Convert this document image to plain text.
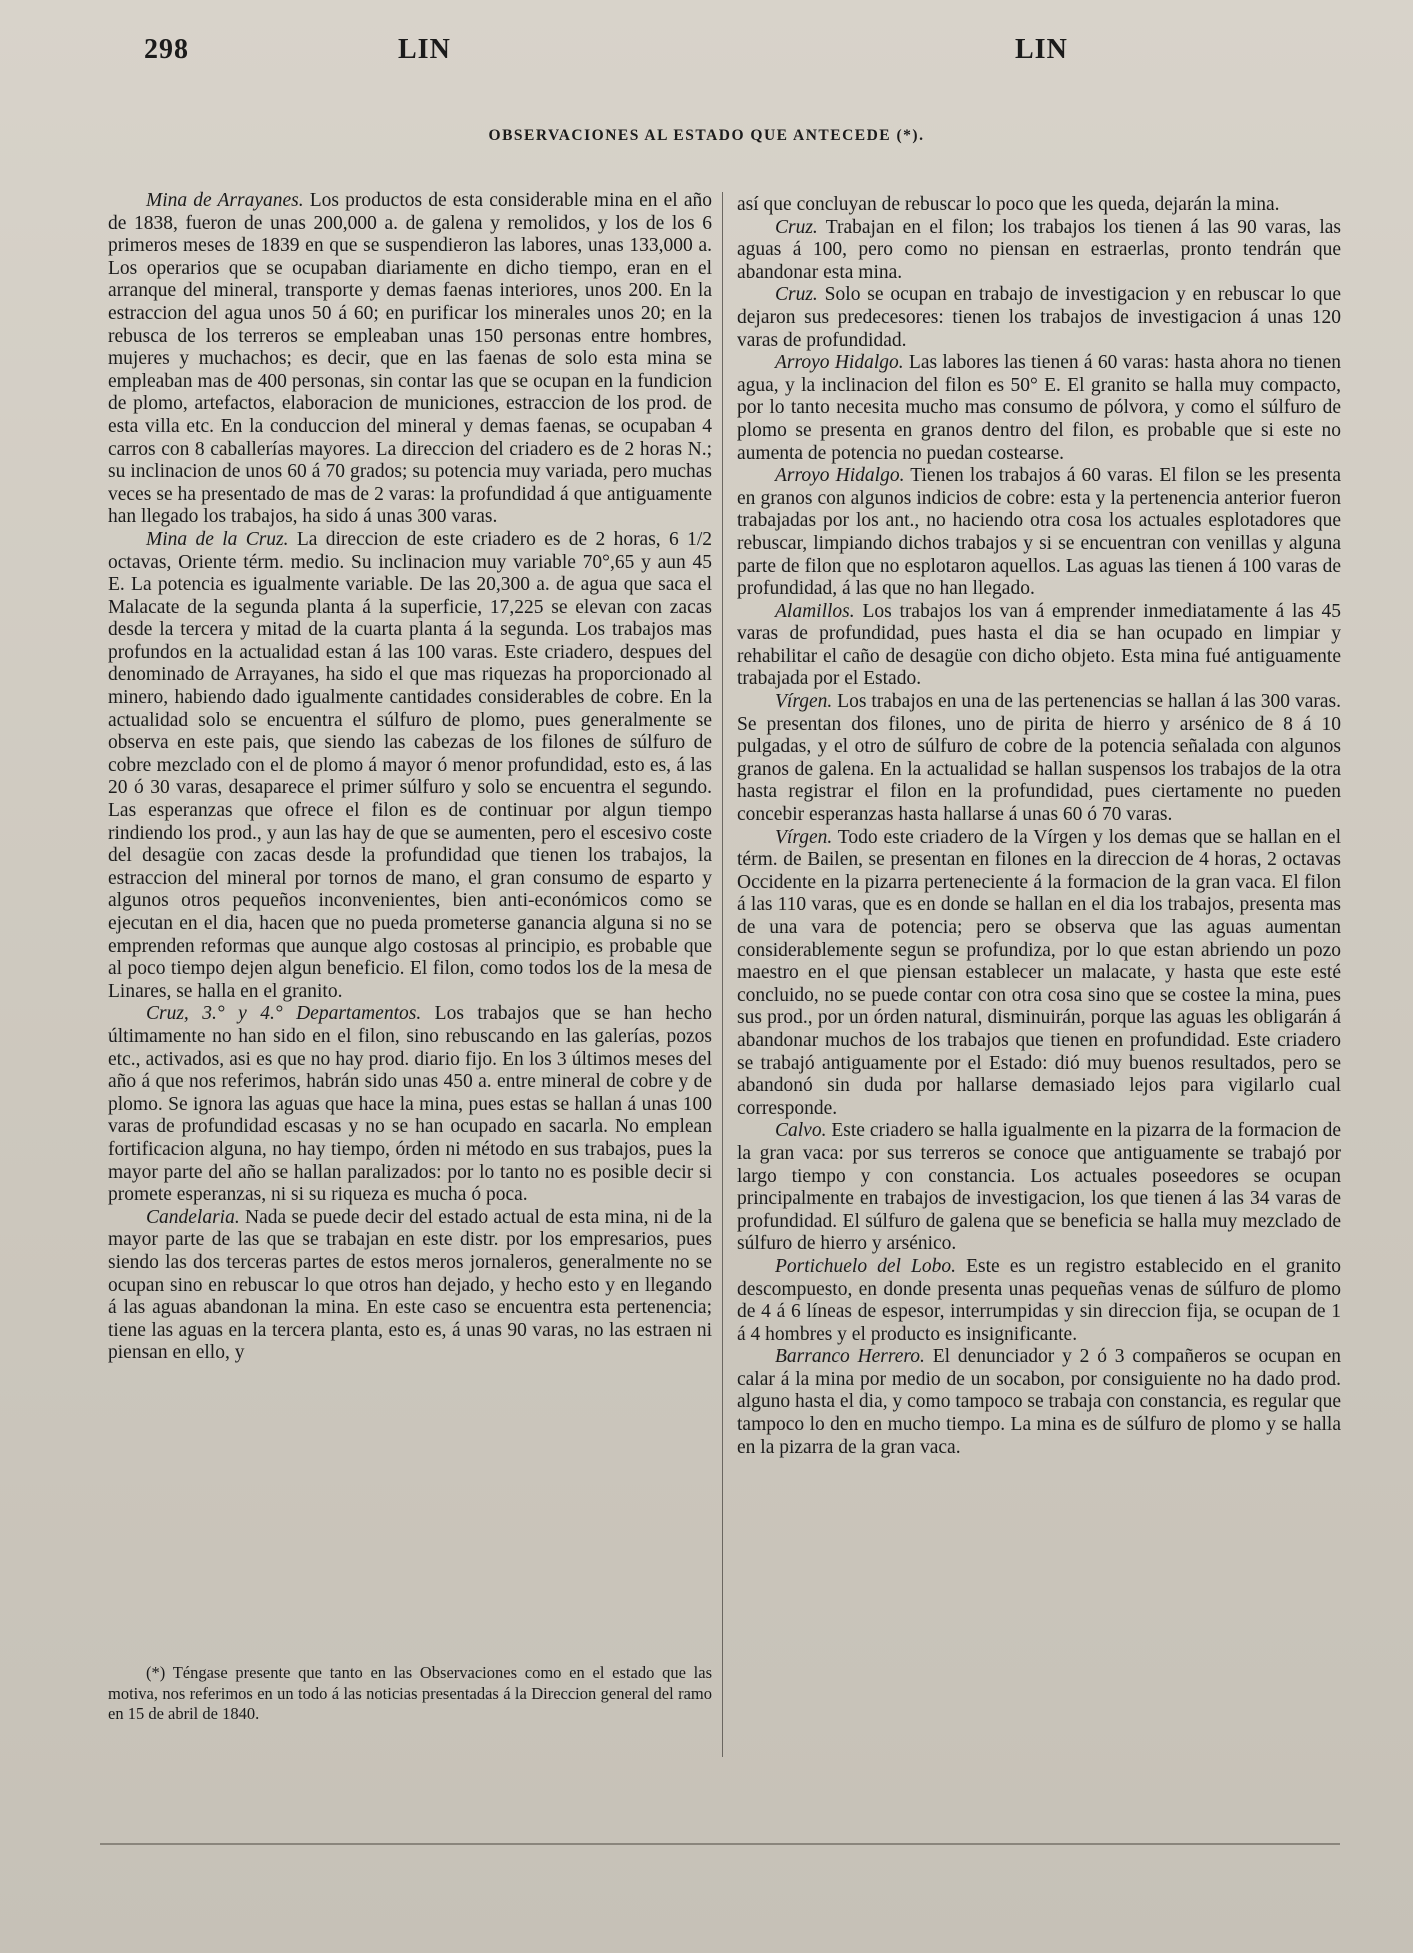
298	LIN	LIN
OBSERVACIONES AL ESTADO QUE ANTECEDE (*).

Mina de Arrayanes. Los productos de esta considerable mina en el año de 1838, fueron de unas 200,000 a. de galena y remolidos, y los de los 6 primeros meses de 1839 en que se suspendieron las labores, unas 133,000 a. Los operarios que se ocupaban diariamente en dicho tiempo, eran en el arranque del mineral, transporte y demas faenas interiores, unos 200. En la estraccion del agua unos 50 á 60; en purificar los minerales unos 20; en la rebusca de los terreros se empleaban unas 150 personas entre hombres, mujeres y muchachos; es decir, que en las faenas de solo esta mina se empleaban mas de 400 personas, sin contar las que se ocupan en la fundicion de plomo, artefactos, elaboracion de municiones, estraccion de los prod. de esta villa etc. En la conduccion del mineral y demas faenas, se ocupaban 4 carros con 8 caballerías mayores. La direccion del criadero es de 2 horas N.; su inclinacion de unos 60 á 70 grados; su potencia muy variada, pero muchas veces se ha presentado de mas de 2 varas: la profundidad á que antiguamente han llegado los trabajos, ha sido á unas 300 varas.

Mina de la Cruz. La direccion de este criadero es de 2 horas, 6 1/2 octavas, Oriente térm. medio. Su inclinacion muy variable 70°,65 y aun 45 E. La potencia es igualmente variable. De las 20,300 a. de agua que saca el Malacate de la segunda planta á la superficie, 17,225 se elevan con zacas desde la tercera y mitad de la cuarta planta á la segunda. Los trabajos mas profundos en la actualidad estan á las 100 varas. Este criadero, despues del denominado de Arrayanes, ha sido el que mas riquezas ha proporcionado al minero, habiendo dado igualmente cantidades considerables de cobre. En la actualidad solo se encuentra el súlfuro de plomo, pues generalmente se observa en este pais, que siendo las cabezas de los filones de súlfuro de cobre mezclado con el de plomo á mayor ó menor profundidad, esto es, á las 20 ó 30 varas, desaparece el primer súlfuro y solo se encuentra el segundo. Las esperanzas que ofrece el filon es de continuar por algun tiempo rindiendo los prod., y aun las hay de que se aumenten, pero el escesivo coste del desagüe con zacas desde la profundidad que tienen los trabajos, la estraccion del mineral por tornos de mano, el gran consumo de esparto y algunos otros pequeños inconvenientes, bien anti-económicos como se ejecutan en el dia, hacen que no pueda prometerse ganancia alguna si no se emprenden reformas que aunque algo costosas al principio, es probable que al poco tiempo dejen algun beneficio. El filon, como todos los de la mesa de Linares, se halla en el granito.

Cruz, 3.° y 4.° Departamentos. Los trabajos que se han hecho últimamente no han sido en el filon, sino rebuscando en las galerías, pozos etc., activados, asi es que no hay prod. diario fijo. En los 3 últimos meses del año á que nos referimos, habrán sido unas 450 a. entre mineral de cobre y de plomo. Se ignora las aguas que hace la mina, pues estas se hallan á unas 100 varas de profundidad escasas y no se han ocupado en sacarla. No emplean fortificacion alguna, no hay tiempo, órden ni método en sus trabajos, pues la mayor parte del año se hallan paralizados: por lo tanto no es posible decir si promete esperanzas, ni si su riqueza es mucha ó poca.

Candelaria. Nada se puede decir del estado actual de esta mina, ni de la mayor parte de las que se trabajan en este distr. por los empresarios, pues siendo las dos terceras partes de estos meros jornaleros, generalmente no se ocupan sino en rebuscar lo que otros han dejado, y hecho esto y en llegando á las aguas abandonan la mina. En este caso se encuentra esta pertenencia; tiene las aguas en la tercera planta, esto es, á unas 90 varas, no las estraen ni piensan en ello, y

(*) Téngase presente que tanto en las Observaciones como en el estado que las motiva, nos referimos en un todo á las noticias presentadas á la Direccion general del ramo en 15 de abril de 1840.

así que concluyan de rebuscar lo poco que les queda, dejarán la mina.

Cruz. Trabajan en el filon; los trabajos los tienen á las 90 varas, las aguas á 100, pero como no piensan en estraerlas, pronto tendrán que abandonar esta mina.

Cruz. Solo se ocupan en trabajo de investigacion y en rebuscar lo que dejaron sus predecesores: tienen los trabajos de investigacion á unas 120 varas de profundidad.

Arroyo Hidalgo. Las labores las tienen á 60 varas: hasta ahora no tienen agua, y la inclinacion del filon es 50° E. El granito se halla muy compacto, por lo tanto necesita mucho mas consumo de pólvora, y como el súlfuro de plomo se presenta en granos dentro del filon, es probable que si este no aumenta de potencia no puedan costearse.

Arroyo Hidalgo. Tienen los trabajos á 60 varas. El filon se les presenta en granos con algunos indicios de cobre: esta y la pertenencia anterior fueron trabajadas por los ant., no haciendo otra cosa los actuales esplotadores que rebuscar, limpiando dichos trabajos y si se encuentran con venillas y alguna parte de filon que no esplotaron aquellos. Las aguas las tienen á 100 varas de profundidad, á las que no han llegado.

Alamillos. Los trabajos los van á emprender inmediatamente á las 45 varas de profundidad, pues hasta el dia se han ocupado en limpiar y rehabilitar el caño de desagüe con dicho objeto. Esta mina fué antiguamente trabajada por el Estado.

Vírgen. Los trabajos en una de las pertenencias se hallan á las 300 varas. Se presentan dos filones, uno de pirita de hierro y arsénico de 8 á 10 pulgadas, y el otro de súlfuro de cobre de la potencia señalada con algunos granos de galena. En la actualidad se hallan suspensos los trabajos de la otra hasta registrar el filon en la profundidad, pues ciertamente no pueden concebir esperanzas hasta hallarse á unas 60 ó 70 varas.

Vírgen. Todo este criadero de la Vírgen y los demas que se hallan en el térm. de Bailen, se presentan en filones en la direccion de 4 horas, 2 octavas Occidente en la pizarra perteneciente á la formacion de la gran vaca. El filon á las 110 varas, que es en donde se hallan en el dia los trabajos, presenta mas de una vara de potencia; pero se observa que las aguas aumentan considerablemente segun se profundiza, por lo que estan abriendo un pozo maestro en el que piensan establecer un malacate, y hasta que este esté concluido, no se puede contar con otra cosa sino que se costee la mina, pues sus prod., por un órden natural, disminuirán, porque las aguas les obligarán á abandonar muchos de los trabajos que tienen en profundidad. Este criadero se trabajó antiguamente por el Estado: dió muy buenos resultados, pero se abandonó sin duda por hallarse demasiado lejos para vigilarlo cual corresponde.

Calvo. Este criadero se halla igualmente en la pizarra de la formacion de la gran vaca: por sus terreros se conoce que antiguamente se trabajó por largo tiempo y con constancia. Los actuales poseedores se ocupan principalmente en trabajos de investigacion, los que tienen á las 34 varas de profundidad. El súlfuro de galena que se beneficia se halla muy mezclado de súlfuro de hierro y arsénico.

Portichuelo del Lobo. Este es un registro establecido en el granito descompuesto, en donde presenta unas pequeñas venas de súlfuro de plomo de 4 á 6 líneas de espesor, interrumpidas y sin direccion fija, se ocupan de 1 á 4 hombres y el producto es insignificante.

Barranco Herrero. El denunciador y 2 ó 3 compañeros se ocupan en calar á la mina por medio de un socabon, por consiguiente no ha dado prod. alguno hasta el dia, y como tampoco se trabaja con constancia, es regular que tampoco lo den en mucho tiempo. La mina es de súlfuro de plomo y se halla en la pizarra de la gran vaca.
